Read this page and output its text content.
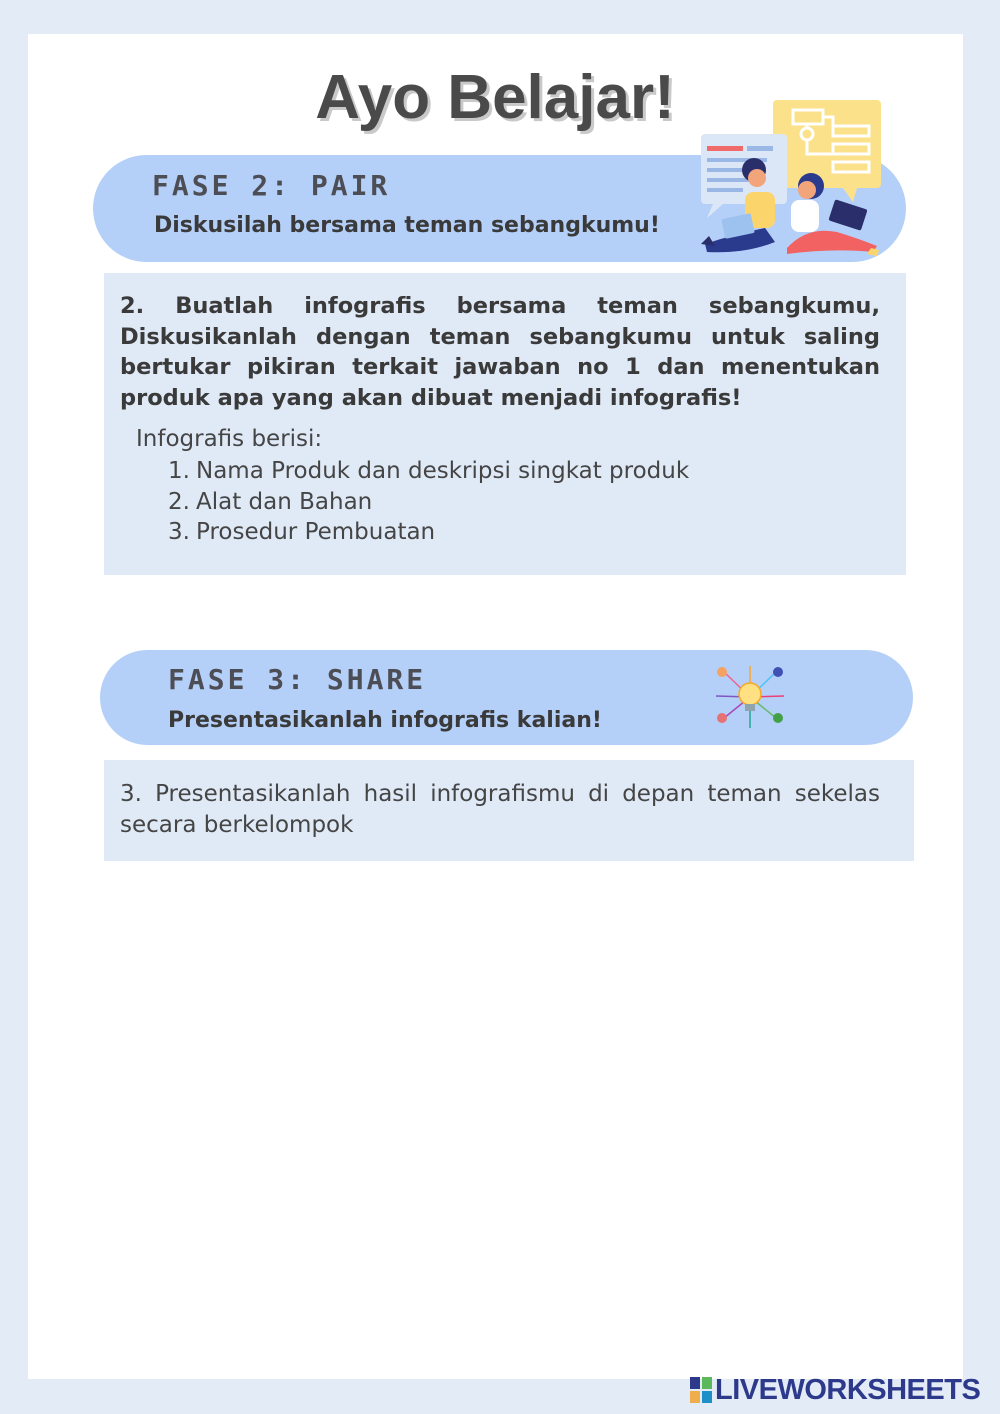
Ayo Belajar!
FASE 2: PAIR
Diskusilah bersama teman sebangkumu!
2. Buatlah infografis bersama teman sebangkumu, Diskusikanlah dengan teman sebangkumu untuk saling bertukar pikiran terkait jawaban no 1 dan menentukan produk apa yang akan dibuat menjadi infografis!
Infografis berisi:
1. Nama Produk dan deskripsi singkat produk
2. Alat dan Bahan
3. Prosedur Pembuatan
FASE 3: SHARE
Presentasikanlah infografis kalian!
3. Presentasikanlah hasil infografismu di depan teman sekelas secara berkelompok
LIVEWORKSHEETS
